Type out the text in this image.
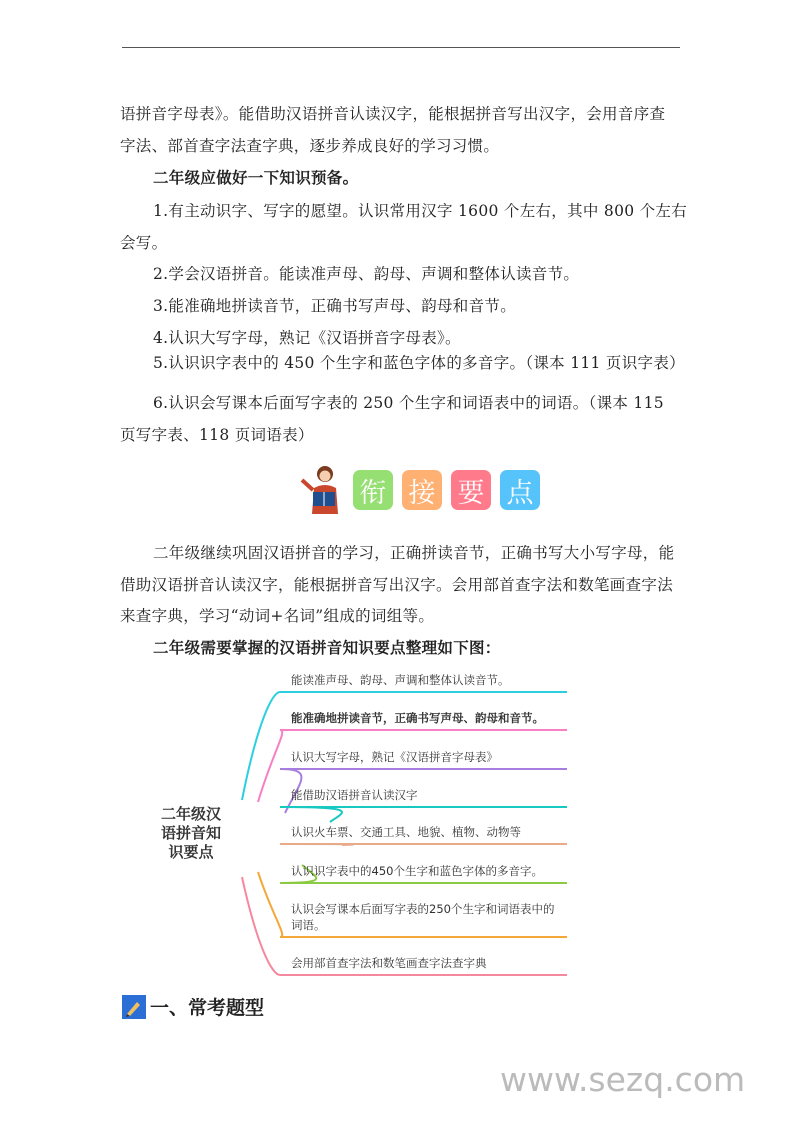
语拼音字母表》。能借助汉语拼音认读汉字，能根据拼音写出汉字，会用音序查
字法、部首查字法查字典，逐步养成良好的学习习惯。
二年级应做好一下知识预备。
1.有主动识字、写字的愿望。认识常用汉字 1600 个左右，其中 800 个左右
会写。
2.学会汉语拼音。能读准声母、韵母、声调和整体认读音节。
3.能准确地拼读音节，正确书写声母、韵母和音节。
4.认识大写字母，熟记《汉语拼音字母表》。
5.认识识字表中的 450 个生字和蓝色字体的多音字。（课本 111 页识字表）
6.认识会写课本后面写字表的 250 个生字和词语表中的词语。（课本 115
页写字表、118 页词语表）
衔 接 要 点
二年级继续巩固汉语拼音的学习，正确拼读音节，正确书写大小写字母，能
借助汉语拼音认读汉字，能根据拼音写出汉字。会用部首查字法和数笔画查字法
来查字典，学习“动词+名词”组成的词组等。
二年级需要掌握的汉语拼音知识要点整理如下图：
二年级汉语拼音知识要点
能读准声母、韵母、声调和整体认读音节。
能准确地拼读音节，正确书写声母、韵母和音节。
认识大写字母，熟记《汉语拼音字母表》
能借助汉语拼音认读汉字
认识火车票、交通工具、地貌、植物、动物等
认识识字表中的450个生字和蓝色字体的多音字。
认识会写课本后面写字表的250个生字和词语表中的词语。
会用部首查字法和数笔画查字法查字典
一、常考题型
www.sezq.com
